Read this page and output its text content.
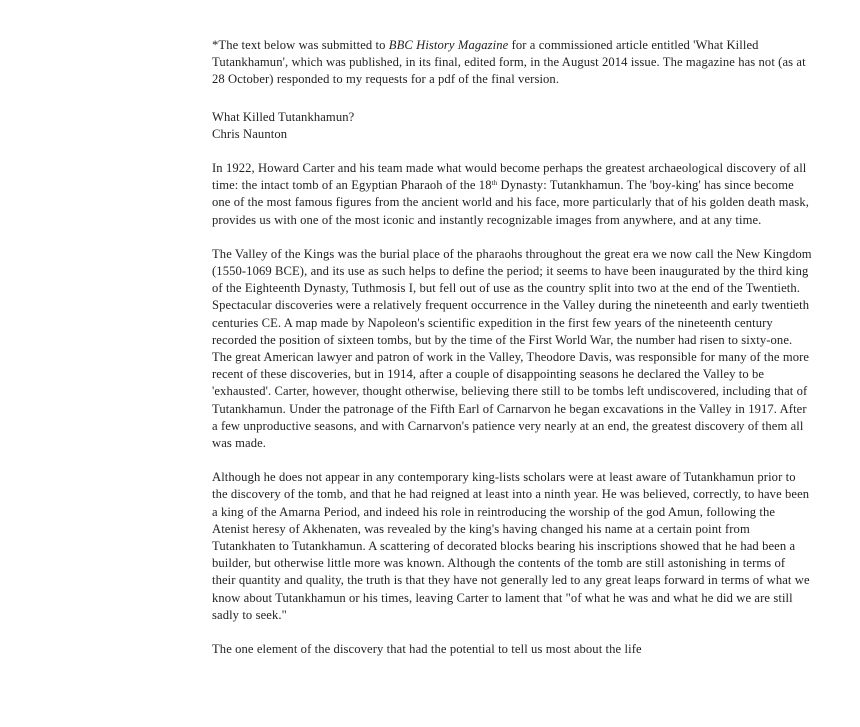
*The text below was submitted to BBC History Magazine for a commissioned article entitled 'What Killed Tutankhamun', which was published, in its final, edited form, in the August 2014 issue. The magazine has not (as at 28 October) responded to my requests for a pdf of the final version.

What Killed Tutankhamun?

Chris Naunton

In 1922, Howard Carter and his team made what would become perhaps the greatest archaeological discovery of all time: the intact tomb of an Egyptian Pharaoh of the 18th Dynasty: Tutankhamun. The 'boy-king' has since become one of the most famous figures from the ancient world and his face, more particularly that of his golden death mask, provides us with one of the most iconic and instantly recognizable images from anywhere, and at any time.

The Valley of the Kings was the burial place of the pharaohs throughout the great era we now call the New Kingdom (1550-1069 BCE), and its use as such helps to define the period; it seems to have been inaugurated by the third king of the Eighteenth Dynasty, Tuthmosis I, but fell out of use as the country split into two at the end of the Twentieth. Spectacular discoveries were a relatively frequent occurrence in the Valley during the nineteenth and early twentieth centuries CE. A map made by Napoleon's scientific expedition in the first few years of the nineteenth century recorded the position of sixteen tombs, but by the time of the First World War, the number had risen to sixty-one. The great American lawyer and patron of work in the Valley, Theodore Davis, was responsible for many of the more recent of these discoveries, but in 1914, after a couple of disappointing seasons he declared the Valley to be 'exhausted'. Carter, however, thought otherwise, believing there still to be tombs left undiscovered, including that of Tutankhamun. Under the patronage of the Fifth Earl of Carnarvon he began excavations in the Valley in 1917. After a few unproductive seasons, and with Carnarvon's patience very nearly at an end, the greatest discovery of them all was made.

Although he does not appear in any contemporary king-lists scholars were at least aware of Tutankhamun prior to the discovery of the tomb, and that he had reigned at least into a ninth year. He was believed, correctly, to have been a king of the Amarna Period, and indeed his role in reintroducing the worship of the god Amun, following the Atenist heresy of Akhenaten, was revealed by the king's having changed his name at a certain point from Tutankhaten to Tutankhamun. A scattering of decorated blocks bearing his inscriptions showed that he had been a builder, but otherwise little more was known. Although the contents of the tomb are still astonishing in terms of their quantity and quality, the truth is that they have not generally led to any great leaps forward in terms of what we know about Tutankhamun or his times, leaving Carter to lament that "of what he was and what he did we are still sadly to seek."

The one element of the discovery that had the potential to tell us most about the life
